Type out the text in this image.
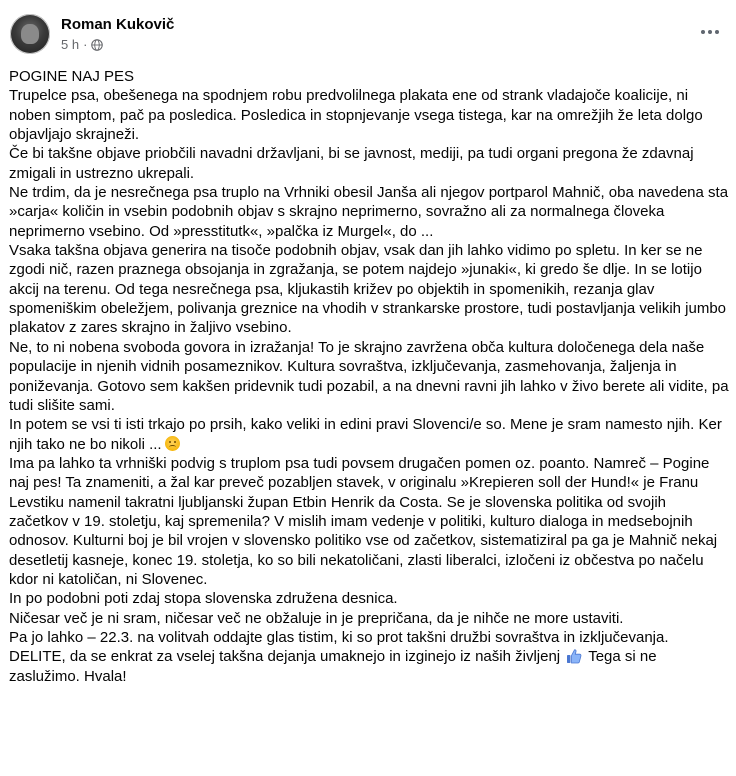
Roman Kukovič
5 h ·

POGINE NAJ PES

Trupelce psa, obešenega na spodnjem robu predvolilnega plakata ene od strank vladajoče koalicije, ni noben simptom, pač pa posledica. Posledica in stopnjevanje vsega tistega, kar na omrežjih že leta dolgo objavljajo skrajneži.

Če bi takšne objave priobčili navadni državljani, bi se javnost, mediji, pa tudi organi pregona že zdavnaj zmigali in ustrezno ukrepali.

Ne trdim, da je nesrečnega psa truplo na Vrhniki obesil Janša ali njegov portparol Mahnič, oba navedena sta »carja« količin in vsebin podobnih objav s skrajno neprimerno, sovražno ali za normalnega človeka neprimerno vsebino. Od »presstitutk«, »palčka iz Murgel«, do ...

Vsaka takšna objava generira na tisoče podobnih objav, vsak dan jih lahko vidimo po spletu. In ker se ne zgodi nič, razen praznega obsojanja in zgražanja, se potem najdejo »junaki«, ki gredo še dlje. In se lotijo akcij na terenu. Od tega nesrečnega psa, kljukastih križev po objektih in spomenikih, rezanja glav spomeniškim obeležjem, polivanja greznice na vhodih v strankarske prostore, tudi postavljanja velikih jumbo plakatov z zares skrajno in žaljivo vsebino.

Ne, to ni nobena svoboda govora in izražanja! To je skrajno zavržena obča kultura določenega dela naše populacije in njenih vidnih posameznikov. Kultura sovraštva, izključevanja, zasmehovanja, žaljenja in poniževanja. Gotovo sem kakšen pridevnik tudi pozabil, a na dnevni ravni jih lahko v živo berete ali vidite, pa tudi slišite sami.

In potem se vsi ti isti trkajo po prsih, kako veliki in edini pravi Slovenci/e so. Mene je sram namesto njih. Ker njih tako ne bo nikoli ...

Ima pa lahko ta vrhniški podvig s truplom psa tudi povsem drugačen pomen oz. poanto. Namreč – Pogine naj pes! Ta znameniti, a žal kar preveč pozabljen stavek, v originalu »Krepieren soll der Hund!« je Franu Levstiku namenil takratni ljubljanski župan Etbin Henrik da Costa. Se je slovenska politika od svojih začetkov v 19. stoletju, kaj spremenila? V mislih imam vedenje v politiki, kulturo dialoga in medsebojnih odnosov. Kulturni boj je bil vrojen v slovensko politiko vse od začetkov, sistematiziral pa ga je Mahnič nekaj desetletij kasneje, konec 19. stoletja, ko so bili nekatoličani, zlasti liberalci, izločeni iz občestva po načelu kdor ni katoličan, ni Slovenec.

In po podobni poti zdaj stopa slovenska združena desnica.

Ničesar več je ni sram, ničesar več ne obžaluje in je prepričana, da je nihče ne more ustaviti.

Pa jo lahko – 22.3. na volitvah oddajte glas tistim, ki so prot takšni družbi sovraštva in izključevanja.

DELITE, da se enkrat za vselej takšna dejanja umaknejo in izginejo iz naših življenj Tega si ne zaslužimo. Hvala!
